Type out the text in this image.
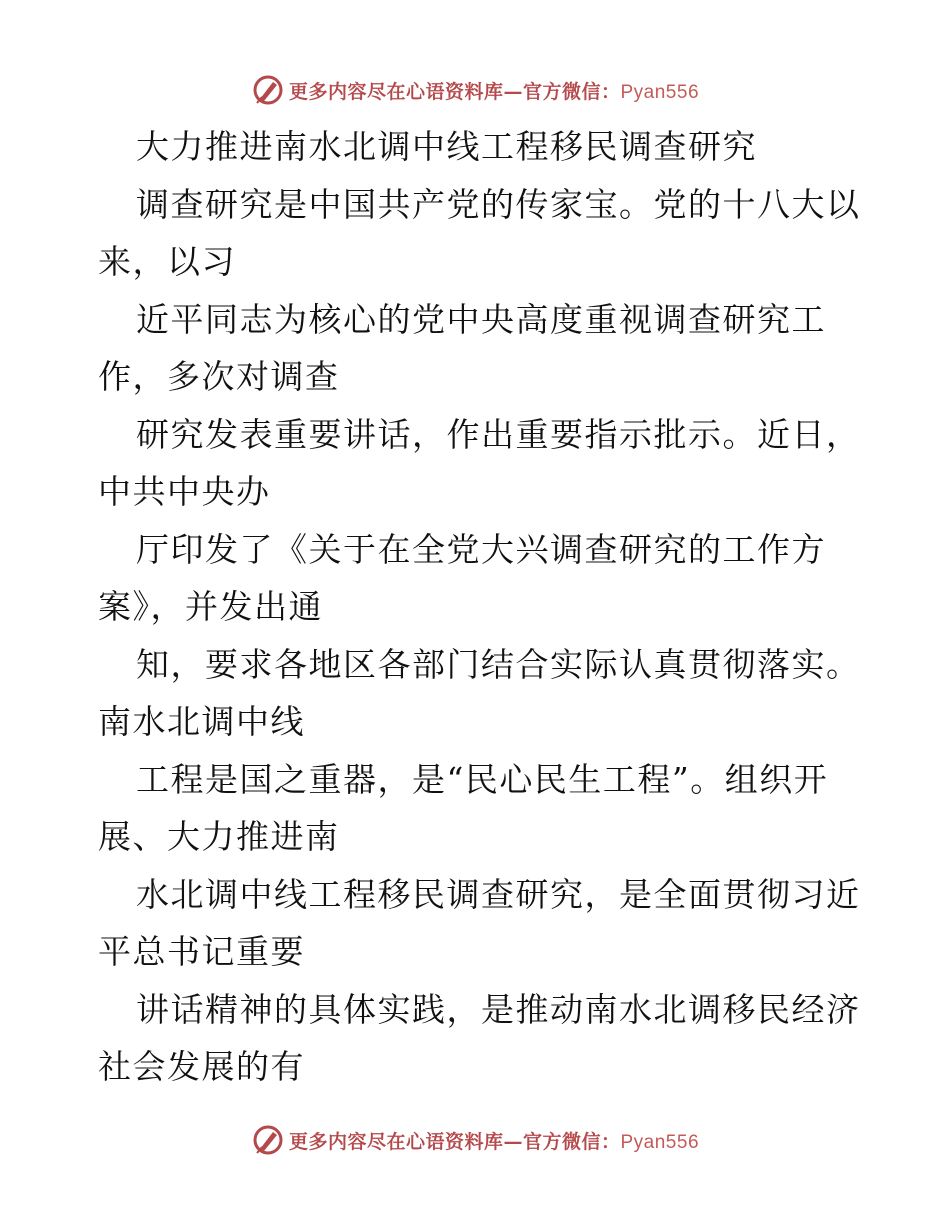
更多内容尽在心语资料库—官方微信：Pyan556
大力推进南水北调中线工程移民调查研究
调查研究是中国共产党的传家宝。党的十八大以
来，以习
近平同志为核心的党中央高度重视调查研究工
作，多次对调查
研究发表重要讲话，作出重要指示批示。近日，
中共中央办
厅印发了《关于在全党大兴调查研究的工作方
案》，并发出通
知，要求各地区各部门结合实际认真贯彻落实。
南水北调中线
工程是国之重器，是“民心民生工程”。组织开
展、大力推进南
水北调中线工程移民调查研究，是全面贯彻习近
平总书记重要
讲话精神的具体实践，是推动南水北调移民经济
社会发展的有
更多内容尽在心语资料库—官方微信：Pyan556
